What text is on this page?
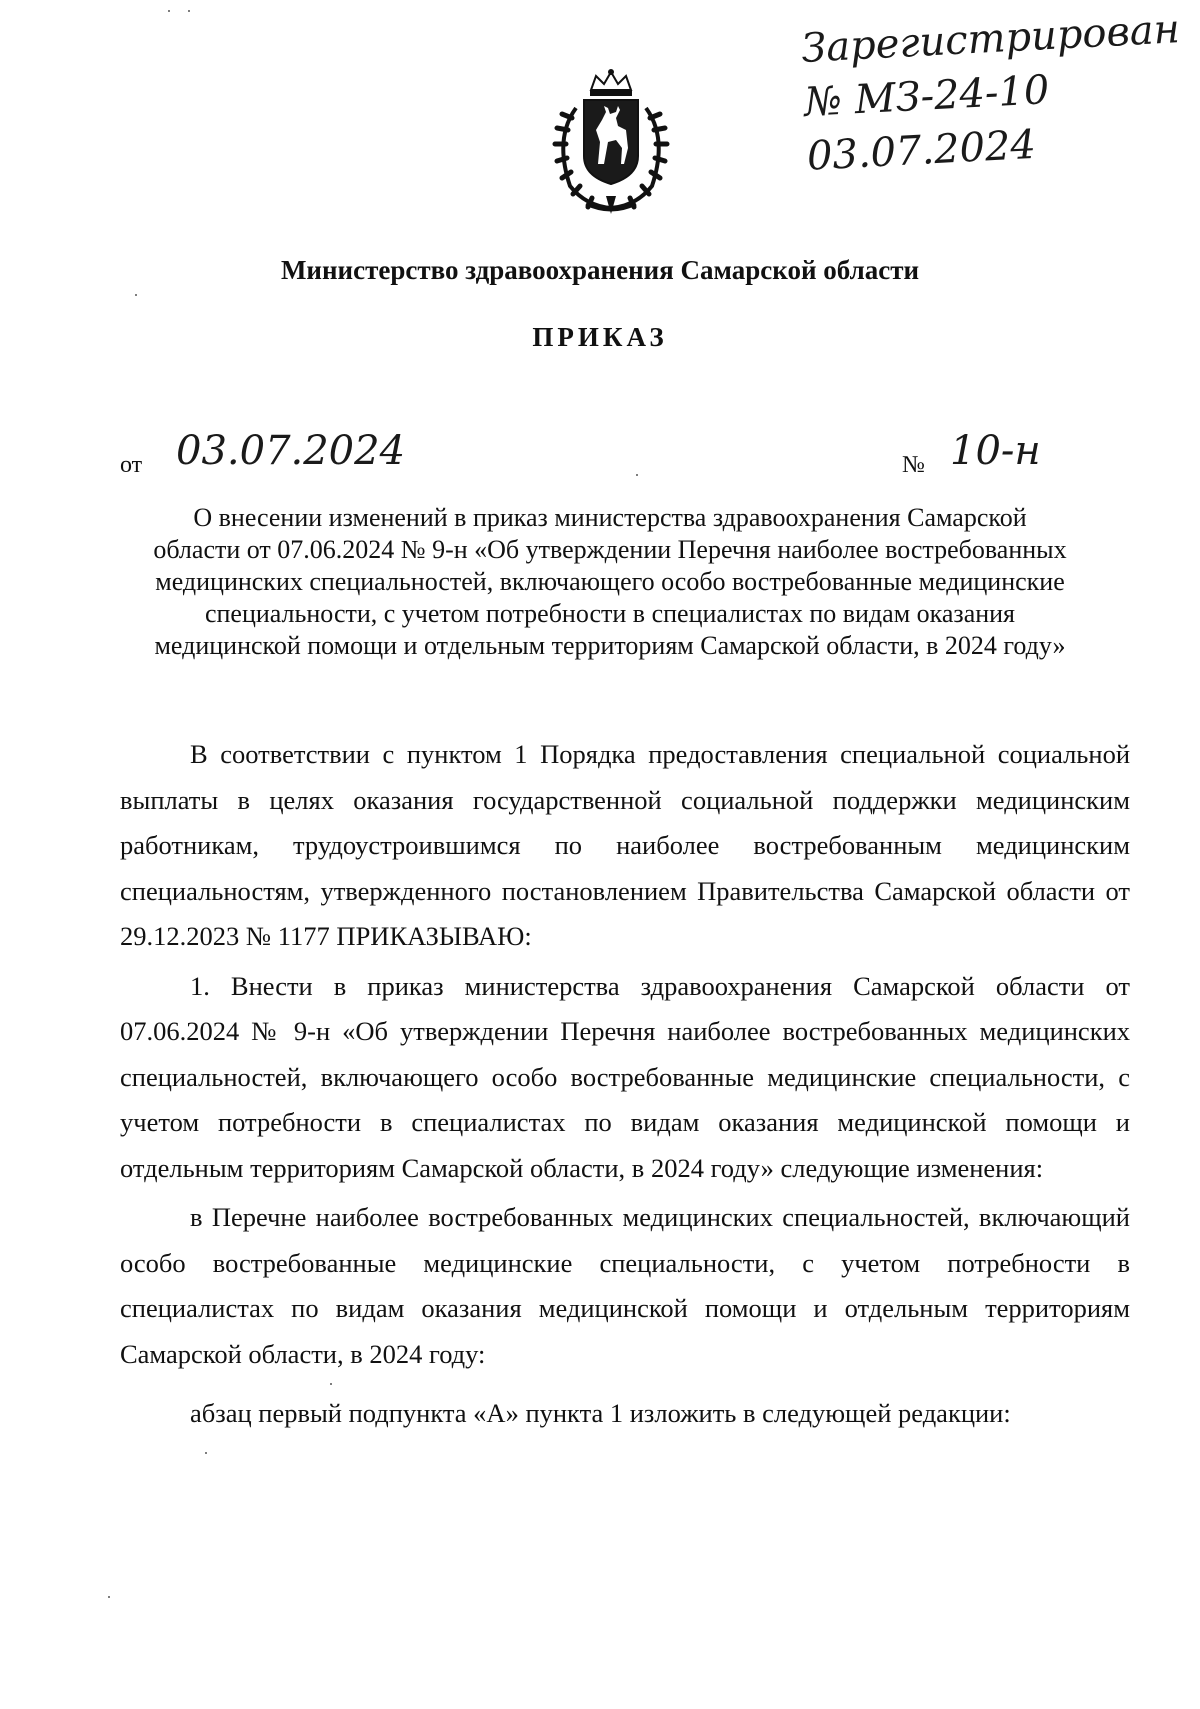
Зарегистрирован
№ МЗ-24-10
03.07.2024
Министерство здравоохранения Самарской области
ПРИКАЗ
от 03.07.2024	№ 10-н
О внесении изменений в приказ министерства здравоохранения Самарской
области от 07.06.2024 № 9-н «Об утверждении Перечня наиболее востребованных
медицинских специальностей, включающего особо востребованные медицинские
специальности, с учетом потребности в специалистах по видам оказания
медицинской помощи и отдельным территориям Самарской области, в 2024 году»

В соответствии с пунктом 1 Порядка предоставления специальной социальной выплаты в целях оказания государственной социальной поддержки медицинским работникам, трудоустроившимся по наиболее востребованным медицинским специальностям, утвержденного постановлением Правительства Самарской области от 29.12.2023 № 1177 ПРИКАЗЫВАЮ:

1. Внести в приказ министерства здравоохранения Самарской области от 07.06.2024 № 9-н «Об утверждении Перечня наиболее востребованных медицинских специальностей, включающего особо востребованные медицинские специальности, с учетом потребности в специалистах по видам оказания медицинской помощи и отдельным территориям Самарской области, в 2024 году» следующие изменения:

в Перечне наиболее востребованных медицинских специальностей, включающий особо востребованные медицинские специальности, с учетом потребности в специалистах по видам оказания медицинской помощи и отдельным территориям Самарской области, в 2024 году:

абзац первый подпункта «А» пункта 1 изложить в следующей редакции:
